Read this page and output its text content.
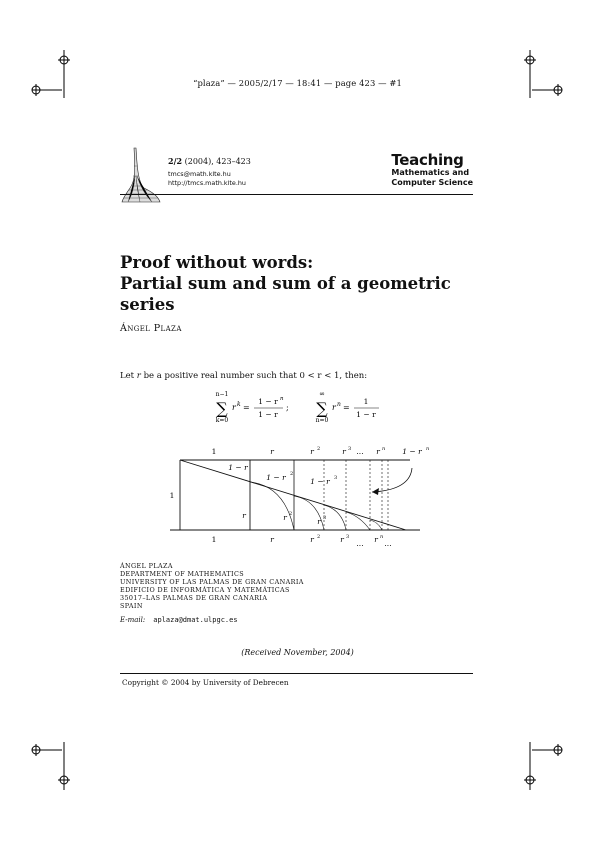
“plaza” — 2005/2/17 — 18:41 — page 423 — #1
2/2 (2004), 423–423
tmcs@math.klte.hu
http://tmcs.math.klte.hu
Teaching
Mathematics and
Computer Science
Proof without words:
Partial sum and sum of a geometric
series
Ángel Plaza
Let r be a positive real number such that 0 < r < 1, then:
n−1
∑
k=0
r k =
1 − r n
1 − r
;
∞
∑
n=0
r n =
1
1 − r
1	r	r 2	r 3 ... r n 1 − r n
1	r	r 2	r 3
... r n
...
1
1 − r
1 − r 2
1 − r 3
r	r 2
r 3
ÁNGEL PLAZA
DEPARTMENT OF MATHEMATICS
UNIVERSITY OF LAS PALMAS DE GRAN CANARIA
EDIFICIO DE INFORMÁTICA Y MATEMÁTICAS
35017–LAS PALMAS DE GRAN CANARIA
SPAIN
E-mail: aplaza@dmat.ulpgc.es
(Received November, 2004)
Copyright © 2004 by University of Debrecen
